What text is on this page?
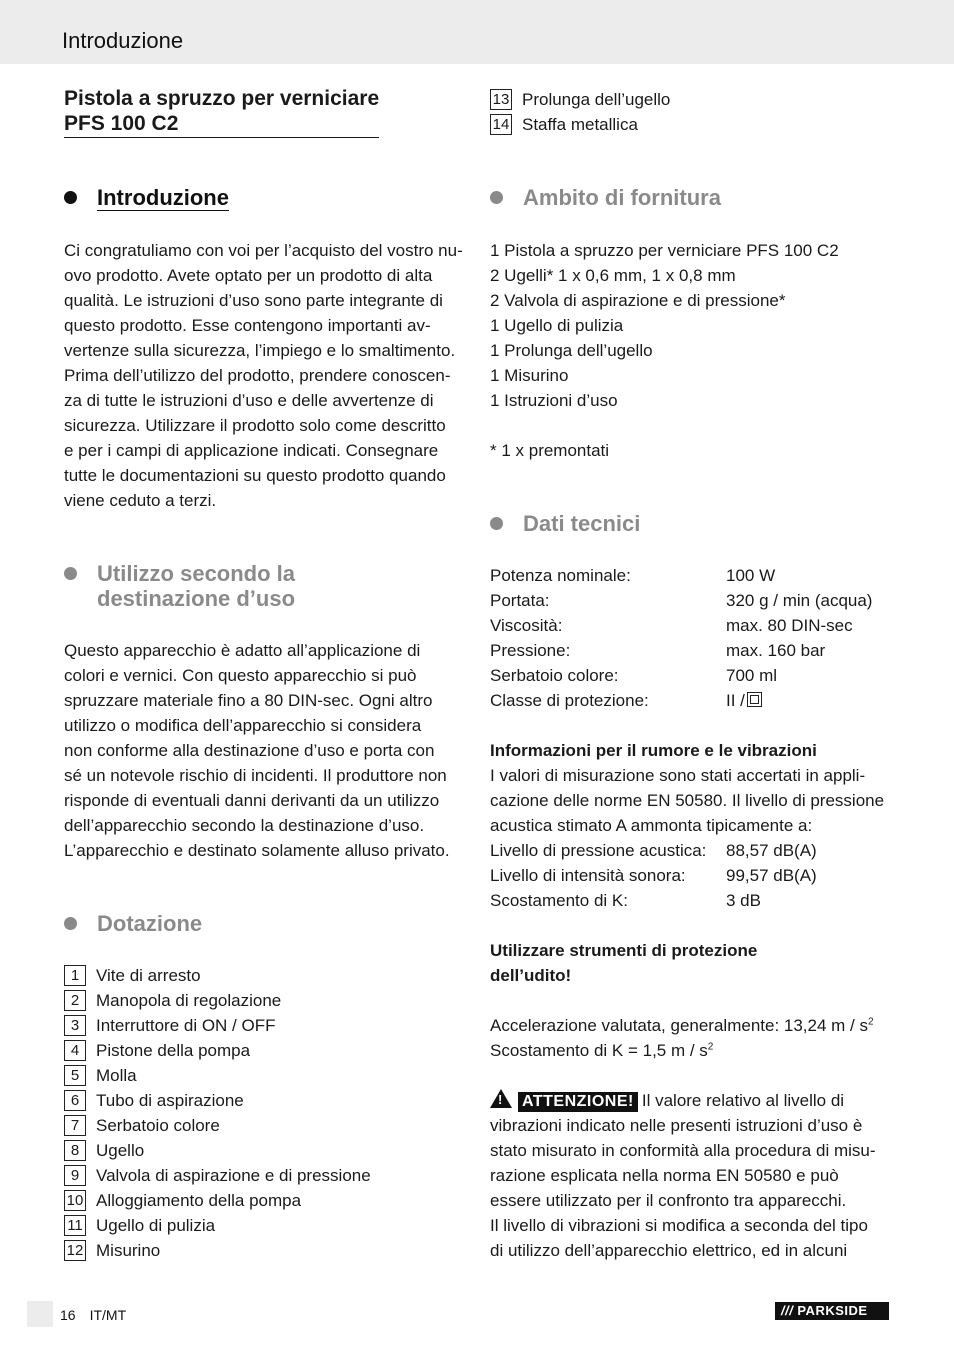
Introduzione
Pistola a spruzzo per verniciare
PFS 100 C2
Introduzione
Ci congratuliamo con voi per l’acquisto del vostro nu-
ovo prodotto. Avete optato per un prodotto di alta
qualità. Le istruzioni d’uso sono parte integrante di
questo prodotto. Esse contengono importanti av-
vertenze sulla sicurezza, l’impiego e lo smaltimento.
Prima dell’utilizzo del prodotto, prendere conoscen-
za di tutte le istruzioni d’uso e delle avvertenze di
sicurezza. Utilizzare il prodotto solo come descritto
e per i campi di applicazione indicati. Consegnare
tutte le documentazioni su questo prodotto quando
viene ceduto a terzi.
Utilizzo secondo la
destinazione d’uso
Questo apparecchio è adatto all’applicazione di
colori e vernici. Con questo apparecchio si può
spruzzare materiale fino a 80 DIN-sec. Ogni altro
utilizzo o modifica dell’apparecchio si considera
non conforme alla destinazione d’uso e porta con
sé un notevole rischio di incidenti. Il produttore non
risponde di eventuali danni derivanti da un utilizzo
dell’apparecchio secondo la destinazione d’uso.
L’apparecchio e destinato solamente alluso privato.
Dotazione
1 Vite di arresto
2 Manopola di regolazione
3 Interruttore di ON / OFF
4 Pistone della pompa
5 Molla
6 Tubo di aspirazione
7 Serbatoio colore
8 Ugello
9 Valvola di aspirazione e di pressione
10 Alloggiamento della pompa
11 Ugello di pulizia
12 Misurino
13 Prolunga dell’ugello
14 Staffa metallica
Ambito di fornitura
1 Pistola a spruzzo per verniciare PFS 100 C2
2 Ugelli* 1 x 0,6 mm, 1 x 0,8 mm
2 Valvola di aspirazione e di pressione*
1 Ugello di pulizia
1 Prolunga dell’ugello
1 Misurino
1 Istruzioni d’uso
* 1 x premontati
Dati tecnici
Potenza nominale:	100 W
Portata:	320 g / min (acqua)
Viscosità:	max. 80 DIN-sec
Pressione:	max. 160 bar
Serbatoio colore:	700 ml
Classe di protezione:	II /
Informazioni per il rumore e le vibrazioni
I valori di misurazione sono stati accertati in appli-
cazione delle norme EN 50580. Il livello di pressione
acustica stimato A ammonta tipicamente a:
Livello di pressione acustica: 88,57 dB(A)
Livello di intensità sonora: 99,57 dB(A)
Scostamento di K:	3 dB
Utilizzare strumenti di protezione
dell’udito!
Accelerazione valutata, generalmente: 13,24 m / $s^2$
Scostamento di K = 1,5 m / $s^2$
! ATTENZIONE! Il valore relativo al livello di
vibrazioni indicato nelle presenti istruzioni d’uso è
stato misurato in conformità alla procedura di misu-
razione esplicata nella norma EN 50580 e può
essere utilizzato per il confronto tra apparecchi.
Il livello di vibrazioni si modifica a seconda del tipo
di utilizzo dell’apparecchio elettrico, ed in alcuni
16 IT/MT	/// PARKSIDE
